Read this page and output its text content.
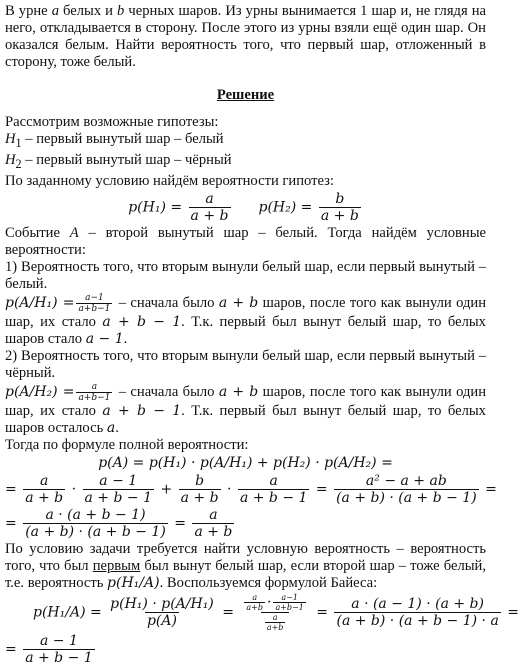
В урне a белых и b черных шаров. Из урны вынимается 1 шар и, не глядя на него, откладывается в сторону. После этого из урны взяли ещё один шар. Он оказался белым. Найти вероятность того, что первый шар, отложенный в сторону, тоже белый.

Решение

Рассмотрим возможные гипотезы:

$H_1$ – первый вынутый шар – белый

$H_2$ – первый вынутый шар – чёрный

По заданному условию найдём вероятности гипотез:

$p(H_1) = \frac{a}{a + b} p(H_2) = \frac{b}{a + b}$

Событие A – второй вынутый шар – белый. Тогда найдём условные вероятности:

1) Вероятность того, что вторым вынули белый шар, если первый вынутый – белый.

$p(A/H_1) = \frac{a-1}{a+b-1}$ – сначала было a + b шаров, после того как вынули один шар, их стало a + b − 1. Т.к. первый был вынут белый шар, то белых шаров стало a − 1.

2) Вероятность того, что вторым вынули белый шар, если первый вынутый – чёрный.

$p(A/H_2) = \frac{a}{a+b-1}$ – сначала было a + b шаров, после того как вынули один шар, их стало a + b − 1. Т.к. первый был вынут белый шар, то белых шаров осталось a.

Тогда по формуле полной вероятности:

p(A) = p(H₁) · p(A/H₁) + p(H₂) · p(A/H₂) =

= $\frac{a}{a + b} \cdot \frac{a - 1}{a + b - 1} + \frac{b}{a + b} \cdot \frac{a}{a + b - 1} = \frac{\text{a² − a + ab}}{(a + b) \cdot (a + b - 1)}$ =
= $\frac{a \cdot (a + b - 1)}{(a + b) \cdot (a + b - 1)} = \frac{a}{a + b}$

По условию задачи требуется найти условную вероятность – вероятность того, что был первым был вынут белый шар, если второй шар – тоже белый, т.е. вероятность p(H₁/A). Воспользуемся формулой Байеса:

$p(H_1/A) = \frac{\text{p(H₁) · p(A/H₁)}}{p(A)} = \frac{\frac{a}{a+b} \cdot \frac{a-1}{a+b-1}}{\frac{a}{a+b}} = \frac{a \cdot (a - 1) \cdot (a + b)}{(a + b) \cdot (a + b - 1) \cdot a}$ =
= $\frac{a - 1}{a + b - 1}$
